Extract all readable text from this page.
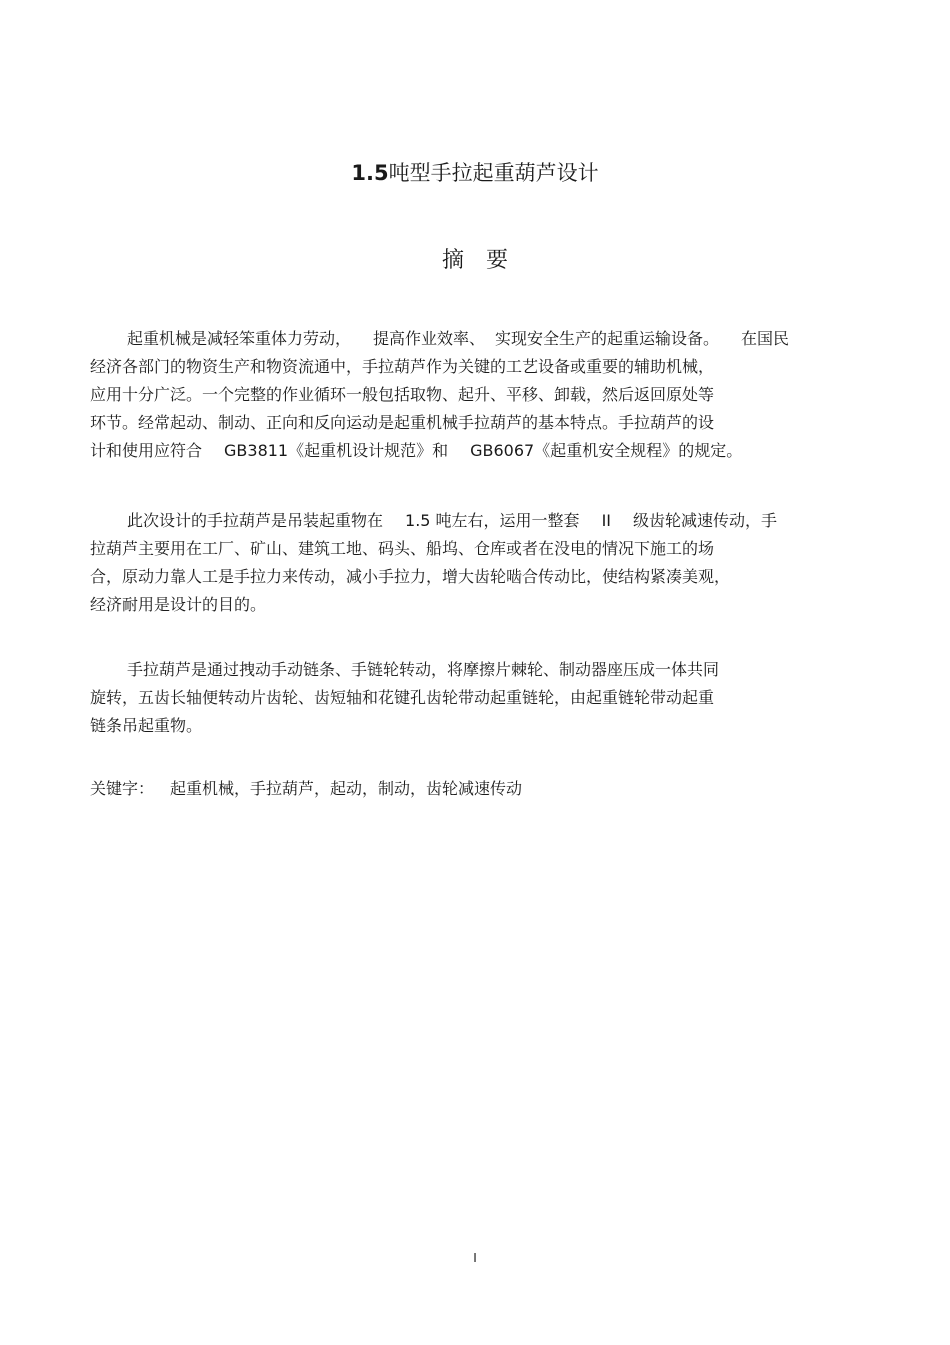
1.5吨型手拉起重葫芦设计
摘要
起重机械是减轻笨重体力劳动， 提高作业效率、 实现安全生产的起重运输设备。 在国民
经济各部门的物资生产和物资流通中，手拉葫芦作为关键的工艺设备或重要的辅助机械，
应用十分广泛。一个完整的作业循环一般包括取物、起升、平移、卸载，然后返回原处等
环节。经常起动、制动、正向和反向运动是起重机械手拉葫芦的基本特点。手拉葫芦的设
计和使用应符合 GB3811《起重机设计规范》和 GB6067《起重机安全规程》的规定。
此次设计的手拉葫芦是吊装起重物在 1.5 吨左右，运用一整套 II 级齿轮减速传动，手
拉葫芦主要用在工厂、矿山、建筑工地、码头、船坞、仓库或者在没电的情况下施工的场
合，原动力靠人工是手拉力来传动，减小手拉力，增大齿轮啮合传动比，使结构紧凑美观，
经济耐用是设计的目的。
手拉葫芦是通过拽动手动链条、手链轮转动，将摩擦片棘轮、制动器座压成一体共同
旋转，五齿长轴便转动片齿轮、齿短轴和花键孔齿轮带动起重链轮，由起重链轮带动起重
链条吊起重物。
关键字： 起重机械，手拉葫芦，起动，制动，齿轮减速传动
I
